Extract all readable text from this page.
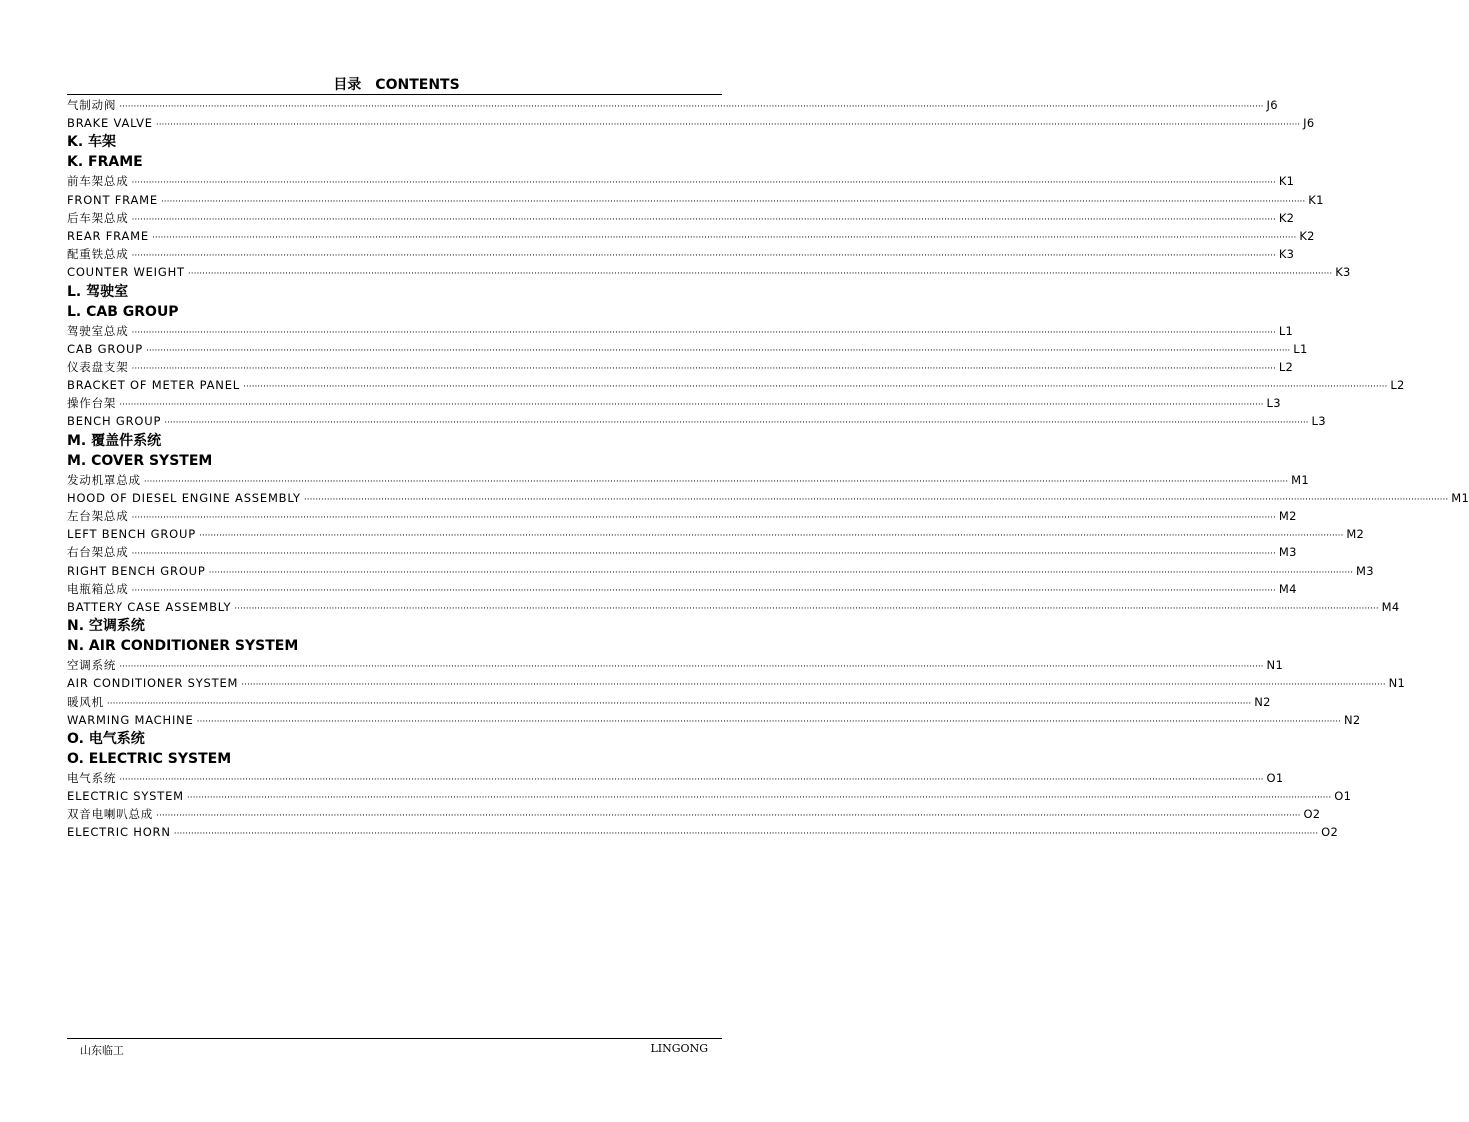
目录　CONTENTS
气制动阀 ················································································································································································································································································································································································································ J6
BRAKE VALVE ················································································································································································································································································································································································································ J6
K. 车架
K. FRAME
前车架总成 ················································································································································································································································································································································································································ K1
FRONT FRAME ················································································································································································································································································································································································································ K1
后车架总成 ················································································································································································································································································································································································································ K2
REAR FRAME ················································································································································································································································································································································································································ K2
配重铁总成 ················································································································································································································································································································································································································ K3
COUNTER WEIGHT ················································································································································································································································································································································································································ K3
L. 驾驶室
L. CAB GROUP
驾驶室总成 ················································································································································································································································································································································································································ L1
CAB GROUP ················································································································································································································································································································································································································ L1
仪表盘支架 ················································································································································································································································································································································································································ L2
BRACKET OF METER PANEL ················································································································································································································································································································································································································ L2
操作台架 ················································································································································································································································································································································································································ L3
BENCH GROUP ················································································································································································································································································································································································································ L3
M. 覆盖件系统
M. COVER SYSTEM
发动机罩总成 ················································································································································································································································································································································································································ M1
HOOD OF DIESEL ENGINE ASSEMBLY ················································································································································································································································································································································································································ M1
左台架总成 ················································································································································································································································································································································································································ M2
LEFT BENCH GROUP ················································································································································································································································································································································································································ M2
右台架总成 ················································································································································································································································································································································································································ M3
RIGHT BENCH GROUP ················································································································································································································································································································································································································ M3
电瓶箱总成 ················································································································································································································································································································································································································ M4
BATTERY CASE ASSEMBLY ················································································································································································································································································································································································································ M4
N. 空调系统
N. AIR CONDITIONER SYSTEM
空调系统 ················································································································································································································································································································································································································ N1
AIR CONDITIONER SYSTEM ················································································································································································································································································································································································································ N1
暖风机 ················································································································································································································································································································································································································ N2
WARMING MACHINE ················································································································································································································································································································································································································ N2
O. 电气系统
O. ELECTRIC SYSTEM
电气系统 ················································································································································································································································································································································································································ O1
ELECTRIC SYSTEM ················································································································································································································································································································································································································ O1
双音电喇叭总成 ················································································································································································································································································································································································································ O2
ELECTRIC HORN ················································································································································································································································································································································································································ O2
山东临工	LINGONG
